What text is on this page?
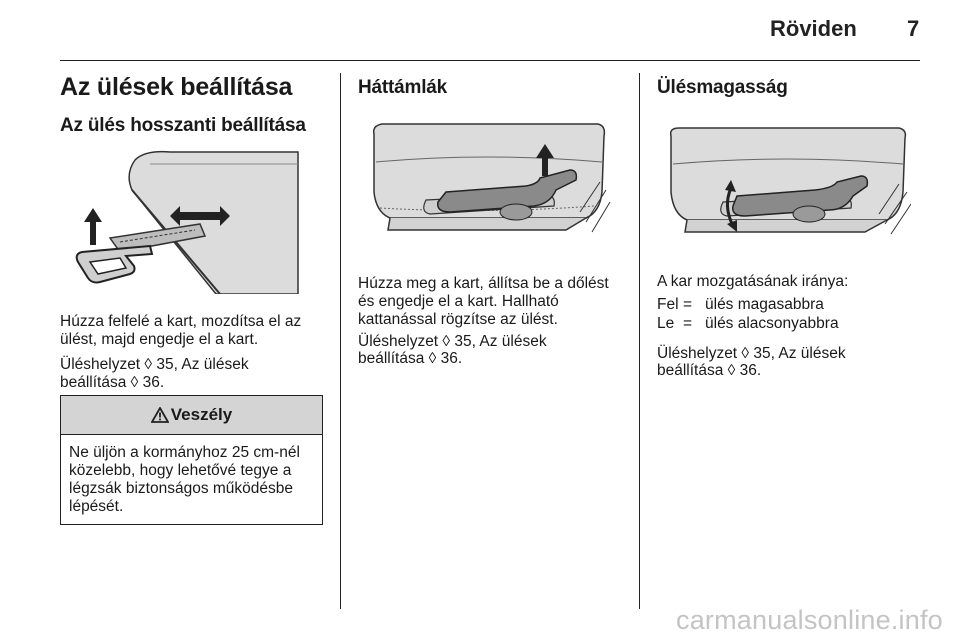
Röviden 7
Az ülések beállítása
Az ülés hosszanti beállítása

Húzza felfelé a kart, mozdítsa el az ülést, majd engedje el a kart.

Üléshelyzet ◊ 35, Az ülések

beállítása ◊ 36.

Veszély
Ne üljön a kormányhoz 25 cm-nél közelebb, hogy lehetővé tegye a légzsák biztonságos működésbe lépését.
Háttámlák

Húzza meg a kart, állítsa be a dőlést és engedje el a kart. Hallható kattanással rögzítse az ülést.

Üléshelyzet ◊ 35, Az ülések

beállítása ◊ 36.

Ülésmagasság

A kar mozgatásának iránya:

Fel = ülés magasabbra
Le = ülés alacsonyabbra

Üléshelyzet ◊ 35, Az ülések

beállítása ◊ 36.

carmanualsonline.info
